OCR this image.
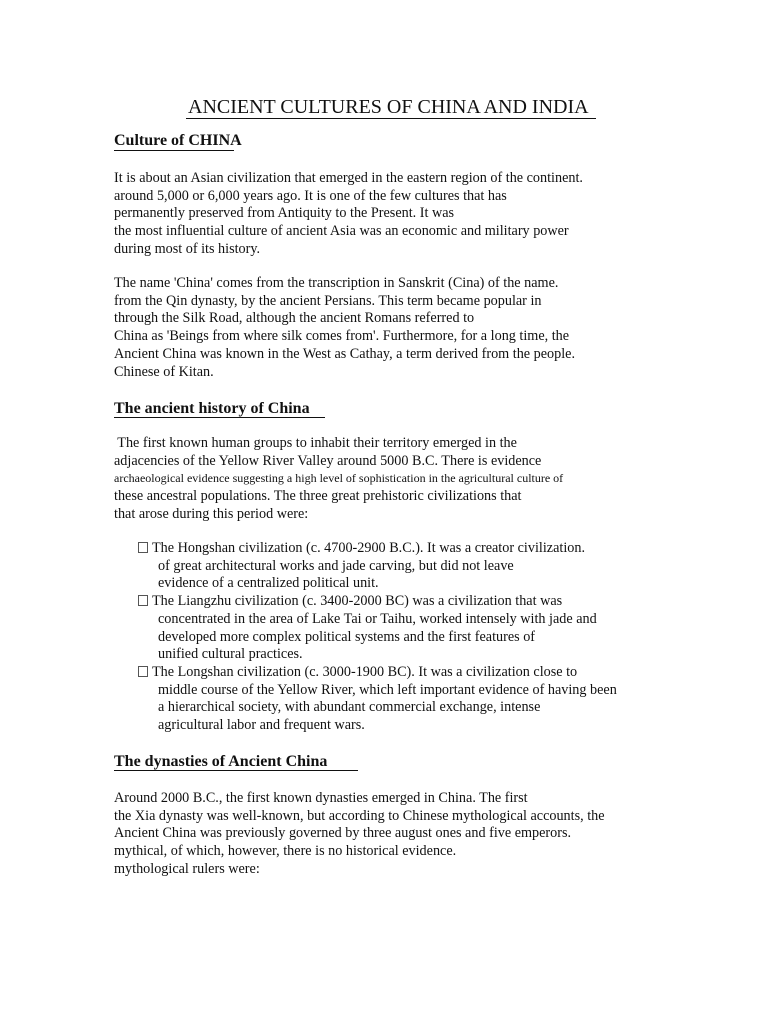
ANCIENT CULTURES OF CHINA AND INDIA
Culture of CHINA
It is about an Asian civilization that emerged in the eastern region of the continent.
around 5,000 or 6,000 years ago. It is one of the few cultures that has
permanently preserved from Antiquity to the Present. It was
the most influential culture of ancient Asia was an economic and military power
during most of its history.
The name 'China' comes from the transcription in Sanskrit (Cina) of the name.
from the Qin dynasty, by the ancient Persians. This term became popular in
through the Silk Road, although the ancient Romans referred to
China as 'Beings from where silk comes from'. Furthermore, for a long time, the
Ancient China was known in the West as Cathay, a term derived from the people.
Chinese of Kitan.
The ancient history of China
The first known human groups to inhabit their territory emerged in the
adjacencies of the Yellow River Valley around 5000 B.C. There is evidence
archaeological evidence suggesting a high level of sophistication in the agricultural culture of
these ancestral populations. The three great prehistoric civilizations that
that arose during this period were:
The Hongshan civilization (c. 4700-2900 B.C.). It was a creator civilization.
of great architectural works and jade carving, but did not leave
evidence of a centralized political unit.
The Liangzhu civilization (c. 3400-2000 BC) was a civilization that was
concentrated in the area of Lake Tai or Taihu, worked intensely with jade and
developed more complex political systems and the first features of
unified cultural practices.
The Longshan civilization (c. 3000-1900 BC). It was a civilization close to
middle course of the Yellow River, which left important evidence of having been
a hierarchical society, with abundant commercial exchange, intense
agricultural labor and frequent wars.
The dynasties of Ancient China
Around 2000 B.C., the first known dynasties emerged in China. The first
the Xia dynasty was well-known, but according to Chinese mythological accounts, the
Ancient China was previously governed by three august ones and five emperors.
mythical, of which, however, there is no historical evidence.
mythological rulers were:
